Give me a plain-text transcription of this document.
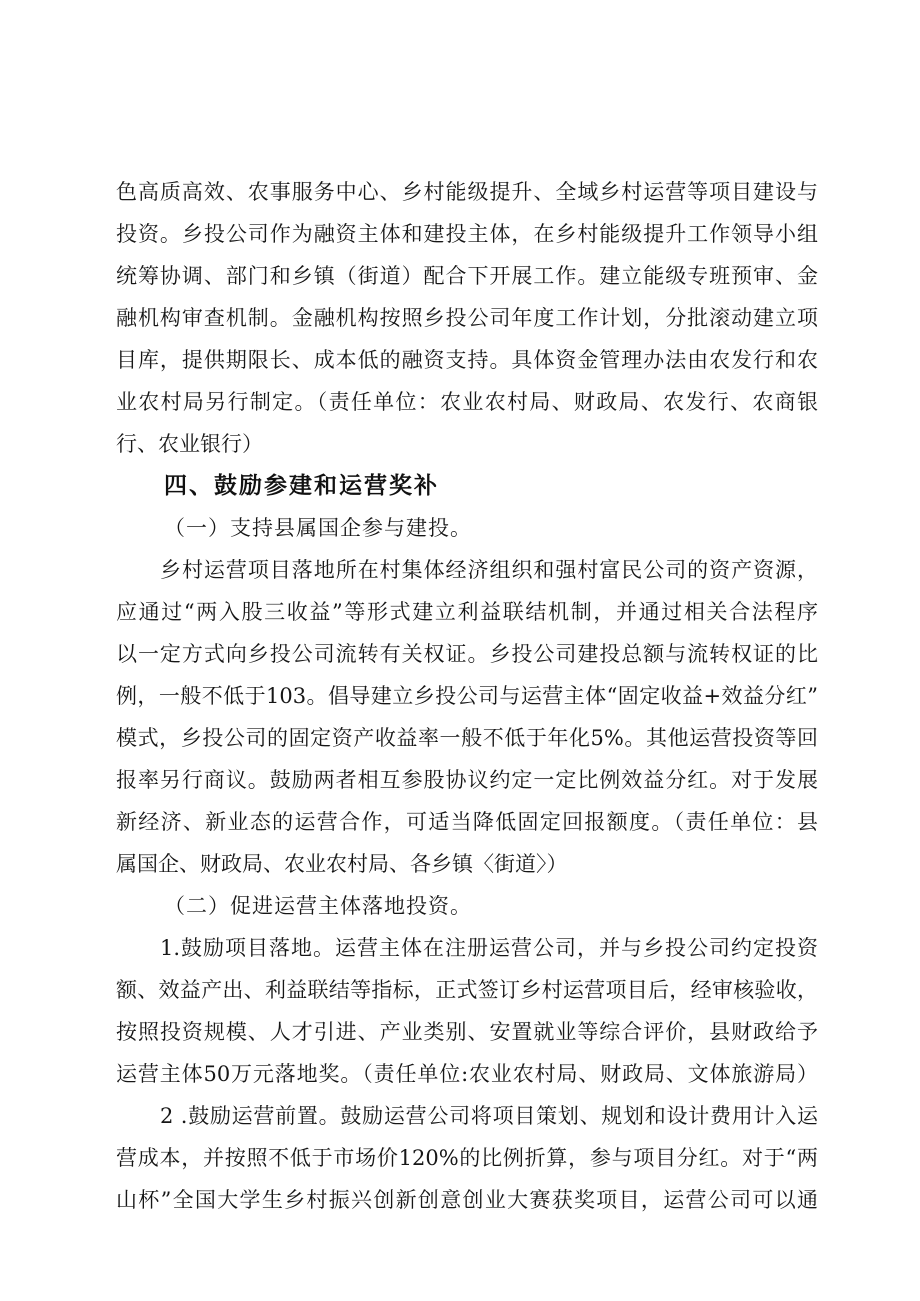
色高质高效、农事服务中心、乡村能级提升、全域乡村运营等项目建设与
投资。乡投公司作为融资主体和建投主体，在乡村能级提升工作领导小组
统筹协调、部门和乡镇（街道）配合下开展工作。建立能级专班预审、金
融机构审查机制。金融机构按照乡投公司年度工作计划，分批滚动建立项
目库，提供期限长、成本低的融资支持。具体资金管理办法由农发行和农
业农村局另行制定。（责任单位：农业农村局、财政局、农发行、农商银
行、农业银行）
四、鼓励参建和运营奖补
（一）支持县属国企参与建投。
乡村运营项目落地所在村集体经济组织和强村富民公司的资产资源，
应通过“两入股三收益”等形式建立利益联结机制，并通过相关合法程序
以一定方式向乡投公司流转有关权证。乡投公司建投总额与流转权证的比
例，一般不低于103。倡导建立乡投公司与运营主体“固定收益+效益分红”
模式，乡投公司的固定资产收益率一般不低于年化5%。其他运营投资等回
报率另行商议。鼓励两者相互参股协议约定一定比例效益分红。对于发展
新经济、新业态的运营合作，可适当降低固定回报额度。（责任单位：县
属国企、财政局、农业农村局、各乡镇〈街道〉）
（二）促进运营主体落地投资。
1.鼓励项目落地。运营主体在注册运营公司，并与乡投公司约定投资
额、效益产出、利益联结等指标，正式签订乡村运营项目后，经审核验收，
按照投资规模、人才引进、产业类别、安置就业等综合评价，县财政给予
运营主体50万元落地奖。（责任单位:农业农村局、财政局、文体旅游局）
2 .鼓励运营前置。鼓励运营公司将项目策划、规划和设计费用计入运
营成本，并按照不低于市场价120%的比例折算，参与项目分红。对于“两
山杯”全国大学生乡村振兴创新创意创业大赛获奖项目，运营公司可以通
